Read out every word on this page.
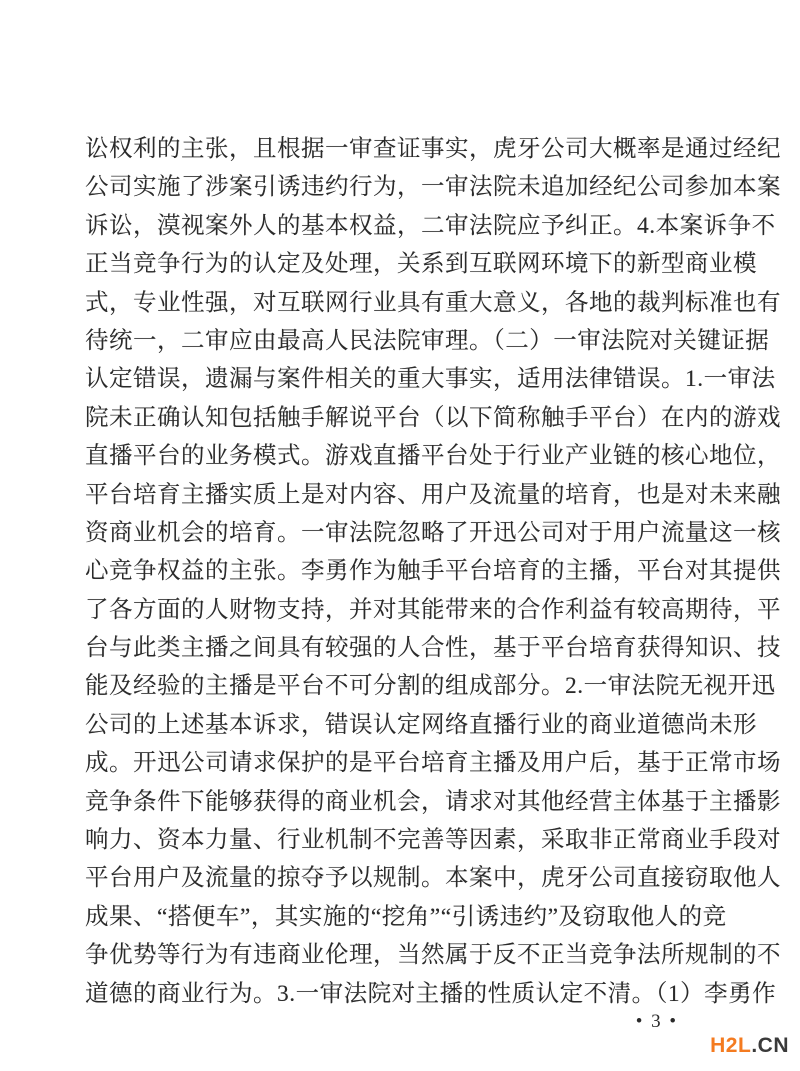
讼权利的主张，且根据一审查证事实，虎牙公司大概率是通过经纪
公司实施了涉案引诱违约行为，一审法院未追加经纪公司参加本案
诉讼，漠视案外人的基本权益，二审法院应予纠正。4.本案诉争不
正当竞争行为的认定及处理，关系到互联网环境下的新型商业模
式，专业性强，对互联网行业具有重大意义，各地的裁判标准也有
待统一，二审应由最高人民法院审理。（二）一审法院对关键证据
认定错误，遗漏与案件相关的重大事实，适用法律错误。1.一审法
院未正确认知包括触手解说平台（以下简称触手平台）在内的游戏
直播平台的业务模式。游戏直播平台处于行业产业链的核心地位，
平台培育主播实质上是对内容、用户及流量的培育，也是对未来融
资商业机会的培育。一审法院忽略了开迅公司对于用户流量这一核
心竞争权益的主张。李勇作为触手平台培育的主播，平台对其提供
了各方面的人财物支持，并对其能带来的合作利益有较高期待，平
台与此类主播之间具有较强的人合性，基于平台培育获得知识、技
能及经验的主播是平台不可分割的组成部分。2.一审法院无视开迅
公司的上述基本诉求，错误认定网络直播行业的商业道德尚未形
成。开迅公司请求保护的是平台培育主播及用户后，基于正常市场
竞争条件下能够获得的商业机会，请求对其他经营主体基于主播影
响力、资本力量、行业机制不完善等因素，采取非正常商业手段对
平台用户及流量的掠夺予以规制。本案中，虎牙公司直接窃取他人
成果、“搭便车”，其实施的“挖角”“引诱违约”及窃取他人的竞
争优势等行为有违商业伦理，当然属于反不正当竞争法所规制的不
道德的商业行为。3.一审法院对主播的性质认定不清。（1）李勇作
• 3 •
H2L.CN
